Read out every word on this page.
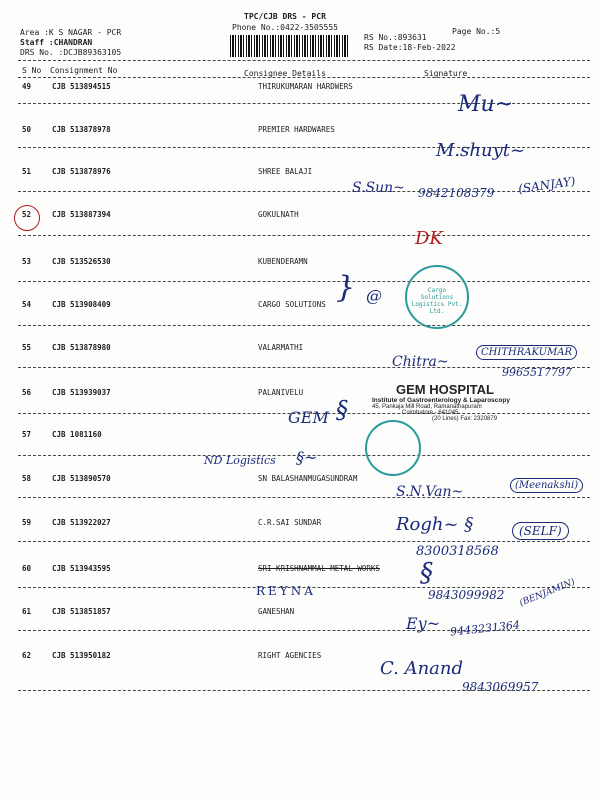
TPC/CJB DRS - PCR
Phone No.:0422-3505555
Area :K S NAGAR - PCR
Staff :CHANDRAN
DRS No. :DCJB89363105
RS No.:893631
Page No.:5
RS Date:18-Feb-2022
S No Consignment No	Consignee Details	Signature
49	CJB 513894515	THIRUKUMARAN HARDWERS
50	CJB 513878978	PREMIER HARDWARES
51	CJB 513878976	SHREE BALAJI
52	CJB 513887394	GOKULNATH
53	CJB 513526530	KUBENDERAMN
54	CJB 513908409	CARGO SOLUTIONS
55	CJB 513878980	VALARMATHI
56	CJB 513939037	PALANIVELU
57	CJB 1081160
58	CJB 513890570	SN BALASHANMUGASUNDRAM
59	CJB 513922027	C.R.SAI SUNDAR
60	CJB 513943595	SRI KRISHNAMMAL METAL WORKS
61	CJB 513851857	GANESHAN
62	CJB 513950182	RIGHT AGENCIES
Mu~
M.shuyt~
S.Sun~ 9842108379 (SANJAY)
DK
} @	Cargo Solutions Logistics Pvt. Ltd.
Chitra~
CHITHRAKUMAR
9965517797
GEM HOSPITAL
Institute of Gastroenterology & Laparoscopy
45, Pankaja Mill Road, Ramanathapuram
Coimbatore - 641045.
(20 Lines) Fax: 2320879
GEM §
ND Logistics §~
S.N.Van~	(Meenakshi)
Rogh~ §	(SELF)
8300318568
§
REYNA	9843099982 (BENJAMIN)
Ey~ 9443231364
C. Anand
9843069957
